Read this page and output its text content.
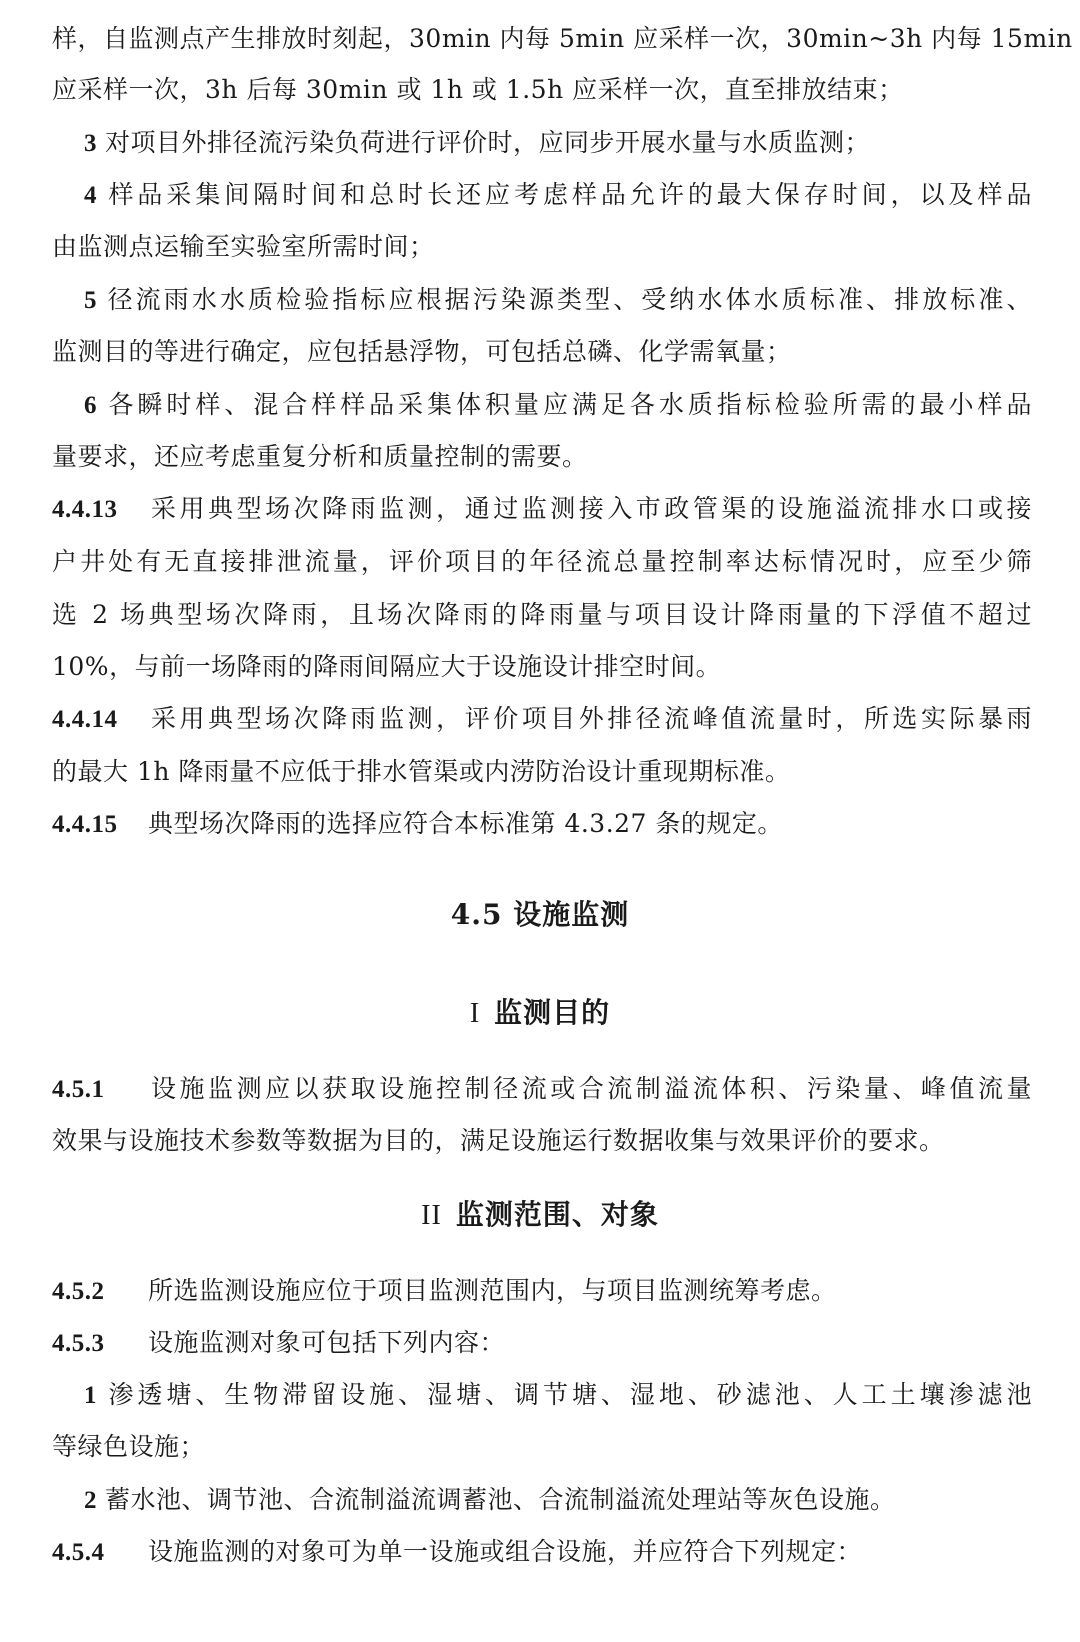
样，自监测点产生排放时刻起，30min 内每 5min 应采样一次，30min~3h 内每 15min
应采样一次，3h 后每 30min 或 1h 或 1.5h 应采样一次，直至排放结束；
3 对项目外排径流污染负荷进行评价时，应同步开展水量与水质监测；
4 样品采集间隔时间和总时长还应考虑样品允许的最大保存时间，以及样品
由监测点运输至实验室所需时间；
5 径流雨水水质检验指标应根据污染源类型、受纳水体水质标准、排放标准、
监测目的等进行确定，应包括悬浮物，可包括总磷、化学需氧量；
6 各瞬时样、混合样样品采集体积量应满足各水质指标检验所需的最小样品
量要求，还应考虑重复分析和质量控制的需要。
4.4.13 采用典型场次降雨监测，通过监测接入市政管渠的设施溢流排水口或接
户井处有无直接排泄流量，评价项目的年径流总量控制率达标情况时，应至少筛
选 2 场典型场次降雨，且场次降雨的降雨量与项目设计降雨量的下浮值不超过
10%，与前一场降雨的降雨间隔应大于设施设计排空时间。
4.4.14 采用典型场次降雨监测，评价项目外排径流峰值流量时，所选实际暴雨
的最大 1h 降雨量不应低于排水管渠或内涝防治设计重现期标准。
4.4.15 典型场次降雨的选择应符合本标准第 4.3.27 条的规定。
4.5 设施监测
I 监测目的
4.5.1 设施监测应以获取设施控制径流或合流制溢流体积、污染量、峰值流量
效果与设施技术参数等数据为目的，满足设施运行数据收集与效果评价的要求。
II 监测范围、对象
4.5.2 所选监测设施应位于项目监测范围内，与项目监测统筹考虑。
4.5.3 设施监测对象可包括下列内容：
1 渗透塘、生物滞留设施、湿塘、调节塘、湿地、砂滤池、人工土壤渗滤池
等绿色设施；
2 蓄水池、调节池、合流制溢流调蓄池、合流制溢流处理站等灰色设施。
4.5.4 设施监测的对象可为单一设施或组合设施，并应符合下列规定：
